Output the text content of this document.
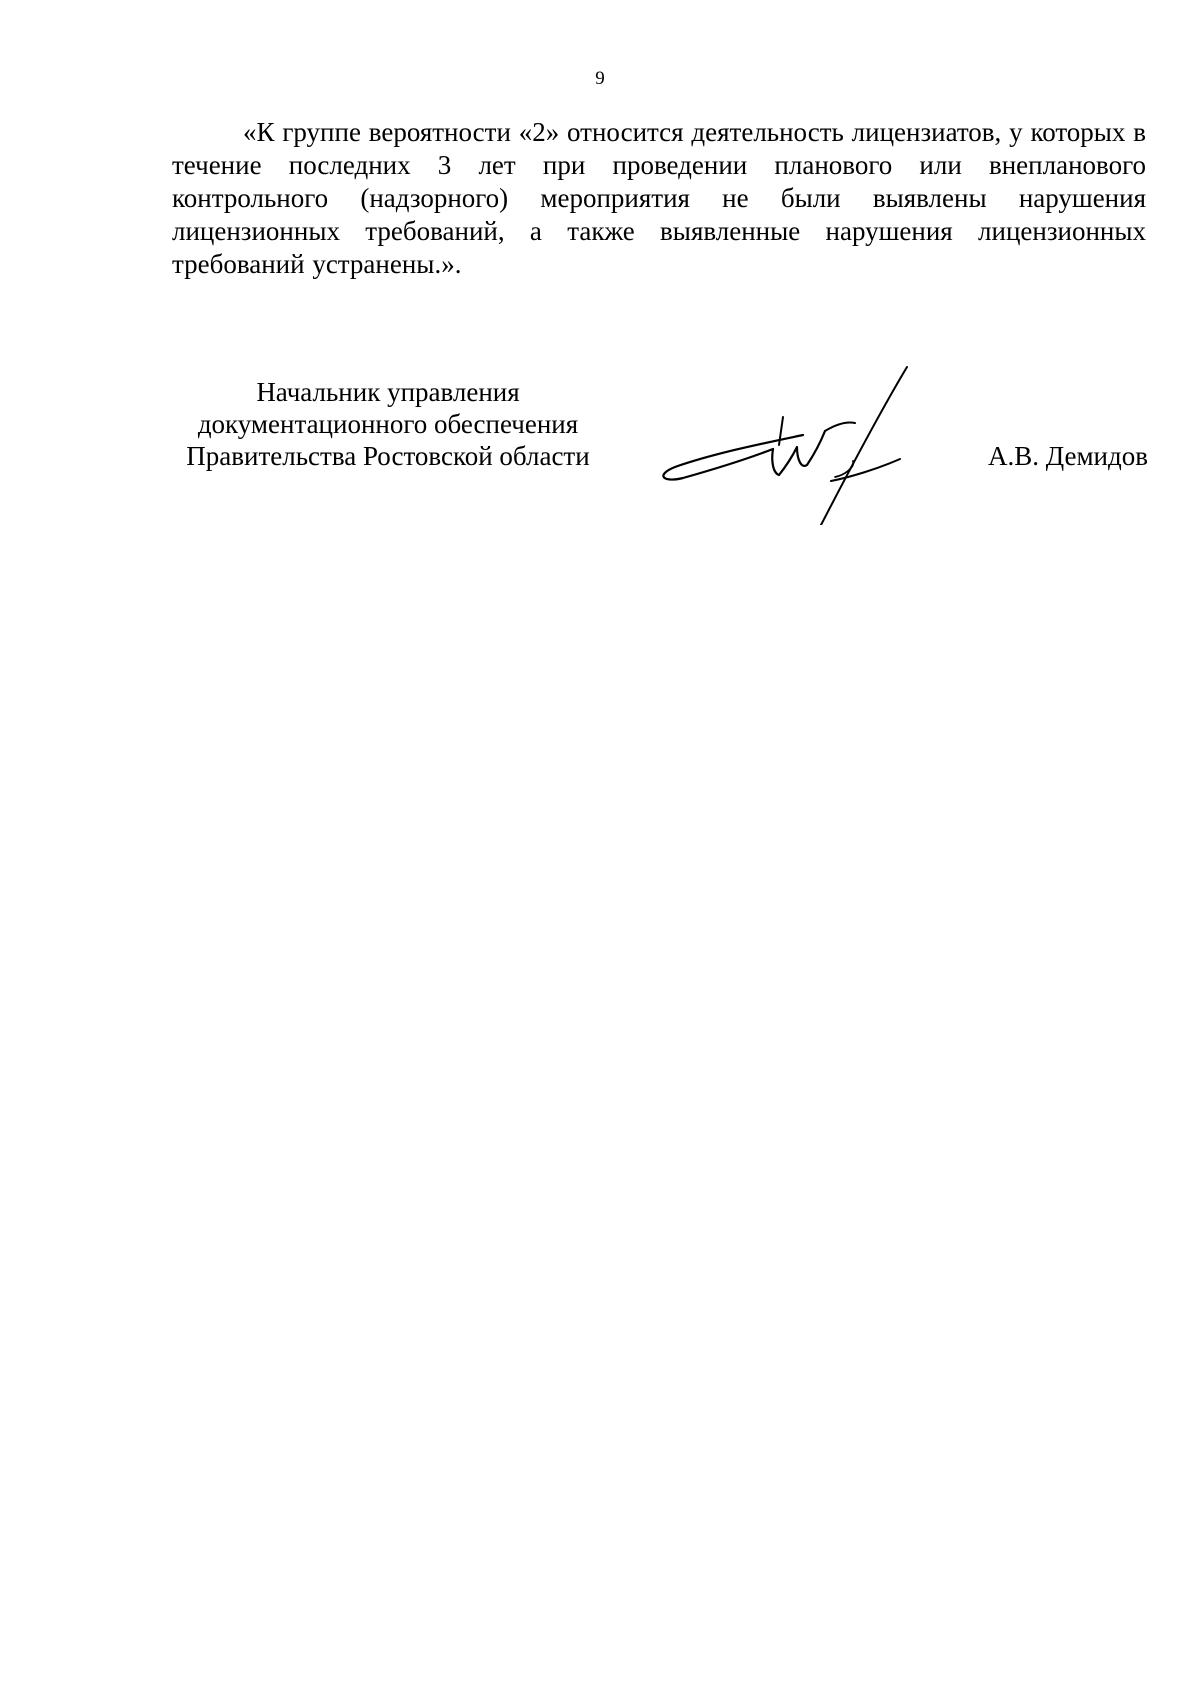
9

«К группе вероятности «2» относится деятельность лицензиатов, у которых в течение последних 3 лет при проведении планового или внепланового контрольного (надзорного) мероприятия не были выявлены нарушения лицензионных требований, а также выявленные нарушения лицензионных требований устранены.».

Начальник управления
документационного обеспечения
Правительства Ростовской области	А.В. Демидов
